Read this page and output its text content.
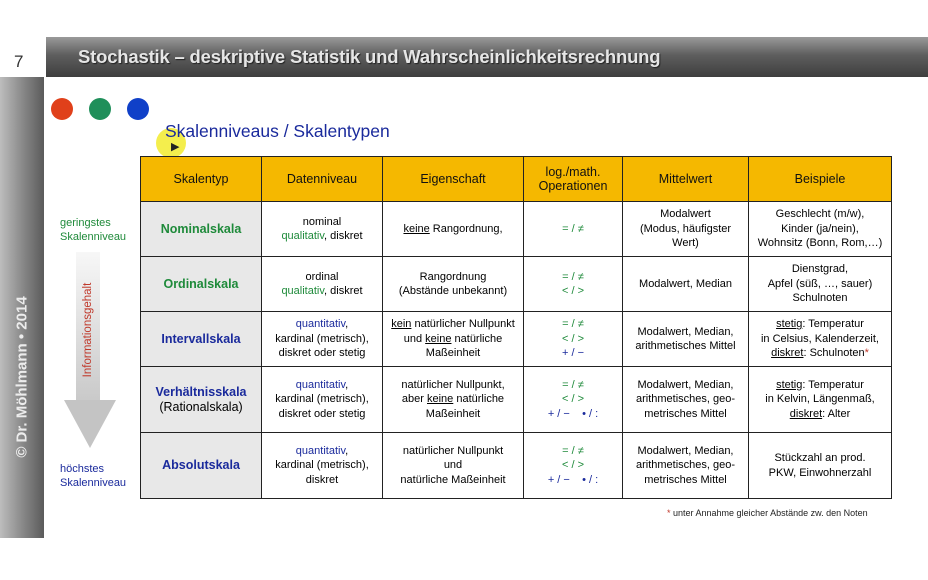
7	Stochastik – deskriptive Statistik und Wahrscheinlichkeitsrechnung
© Dr. Möhlmann • 2014
Skalenniveaus / Skalentypen
▶
geringstes
Skalenniveau
Informationsgehalt
höchstes
Skalenniveau
Skalentyp	Datenniveau	Eigenschaft	log./math.
Operationen	Mittelwert	Beispiele
Nominalskala	nominal
qualitativ, diskret	keine Rangordnung,	= / ≠	Modalwert
(Modus, häufigster
Wert)	Geschlecht (m/w),
Kinder (ja/nein),
Wohnsitz (Bonn, Rom,…)
Ordinalskala	ordinal
qualitativ, diskret	Rangordnung
(Abstände unbekannt)	= / ≠
< / >	Modalwert, Median	Dienstgrad,
Apfel (süß, …, sauer)
Schulnoten
Intervallskala	quantitativ,
kardinal (metrisch),
diskret oder stetig	kein natürlicher Nullpunkt
und keine natürliche
Maßeinheit	= / ≠
< / >
+ / −	Modalwert, Median,
arithmetisches Mittel	stetig: Temperatur
in Celsius, Kalenderzeit,
diskret: Schulnoten*
Verhältnisskala
(Rationalskala)	quantitativ,
kardinal (metrisch),
diskret oder stetig	natürlicher Nullpunkt,
aber keine natürliche
Maßeinheit	= / ≠
< / >
+ / −    • / :	Modalwert, Median,
arithmetisches, geo-
metrisches Mittel	stetig: Temperatur
in Kelvin, Längenmaß,
diskret: Alter
Absolutskala	quantitativ,
kardinal (metrisch),
diskret	natürlicher Nullpunkt
und
natürliche Maßeinheit	= / ≠
< / >
+ / −    • / :	Modalwert, Median,
arithmetisches, geo-
metrisches Mittel	Stückzahl an prod.
PKW, Einwohnerzahl
* unter Annahme gleicher Abstände zw. den Noten
